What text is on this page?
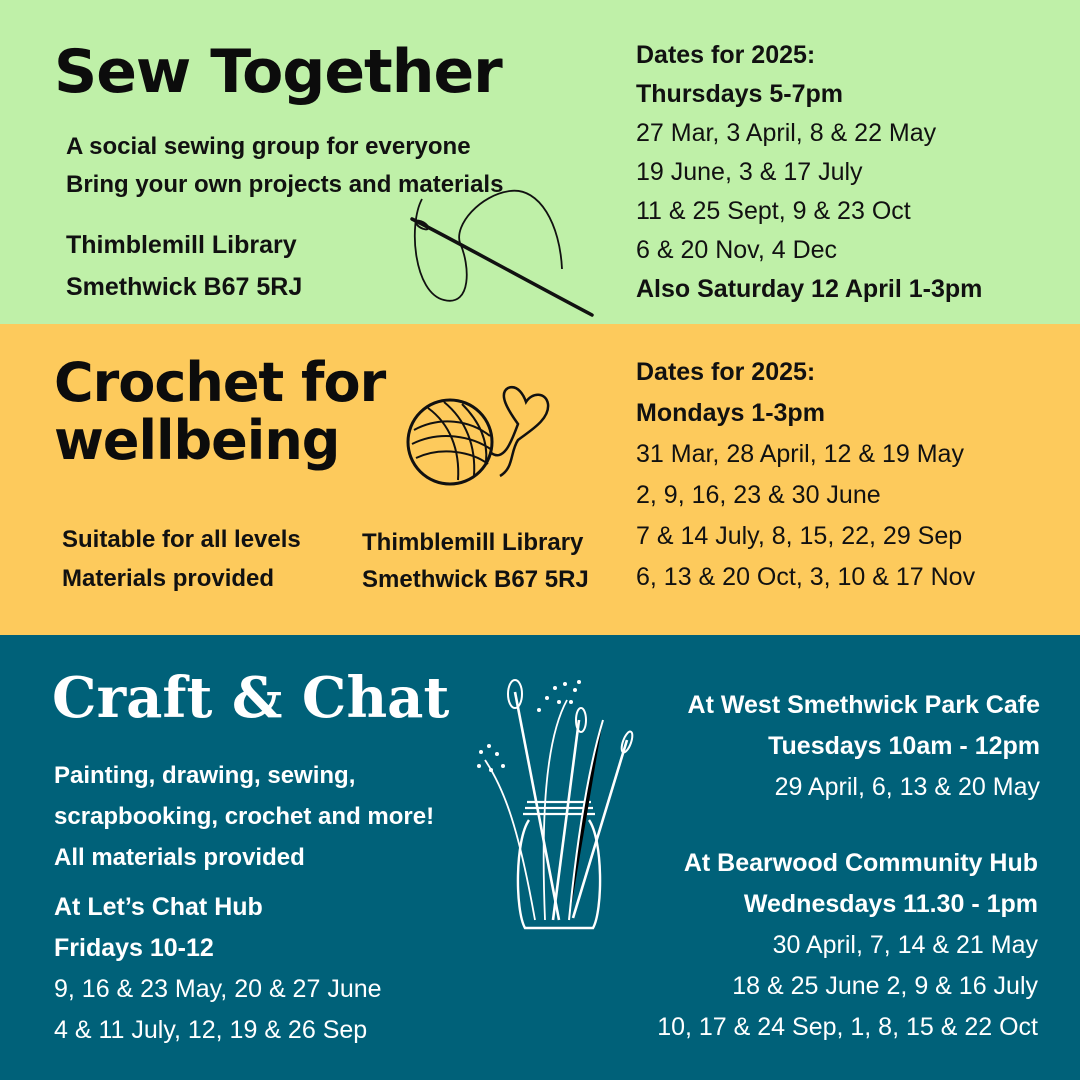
Sew Together
A social sewing group for everyone
Bring your own projects and materials
Thimblemill Library
Smethwick B67 5RJ
Dates for 2025:
Thursdays 5-7pm
27 Mar, 3 April, 8 & 22 May
19 June, 3 & 17 July
11 & 25 Sept, 9 & 23 Oct
6 & 20 Nov, 4 Dec
Also Saturday 12 April 1-3pm
Crochet for
wellbeing
Suitable for all levels
Materials provided
Thimblemill Library
Smethwick B67 5RJ
Dates for 2025:
Mondays 1-3pm
31 Mar, 28 April, 12 & 19 May
2, 9, 16, 23 & 30 June
7 & 14 July, 8, 15, 22, 29 Sep
6, 13 & 20 Oct, 3, 10 & 17 Nov
Craft & Chat
Painting, drawing, sewing,
scrapbooking, crochet and more!
All materials provided
At Let’s Chat Hub
Fridays 10-12
9, 16 & 23 May, 20 & 27 June
4 & 11 July, 12, 19 & 26 Sep
At West Smethwick Park Cafe
Tuesdays 10am - 12pm
29 April, 6, 13 & 20 May
At Bearwood Community Hub
Wednesdays 11.30 - 1pm
30 April, 7, 14 & 21 May
18 & 25 June 2, 9 & 16 July
10, 17 & 24 Sep, 1, 8, 15 & 22 Oct
